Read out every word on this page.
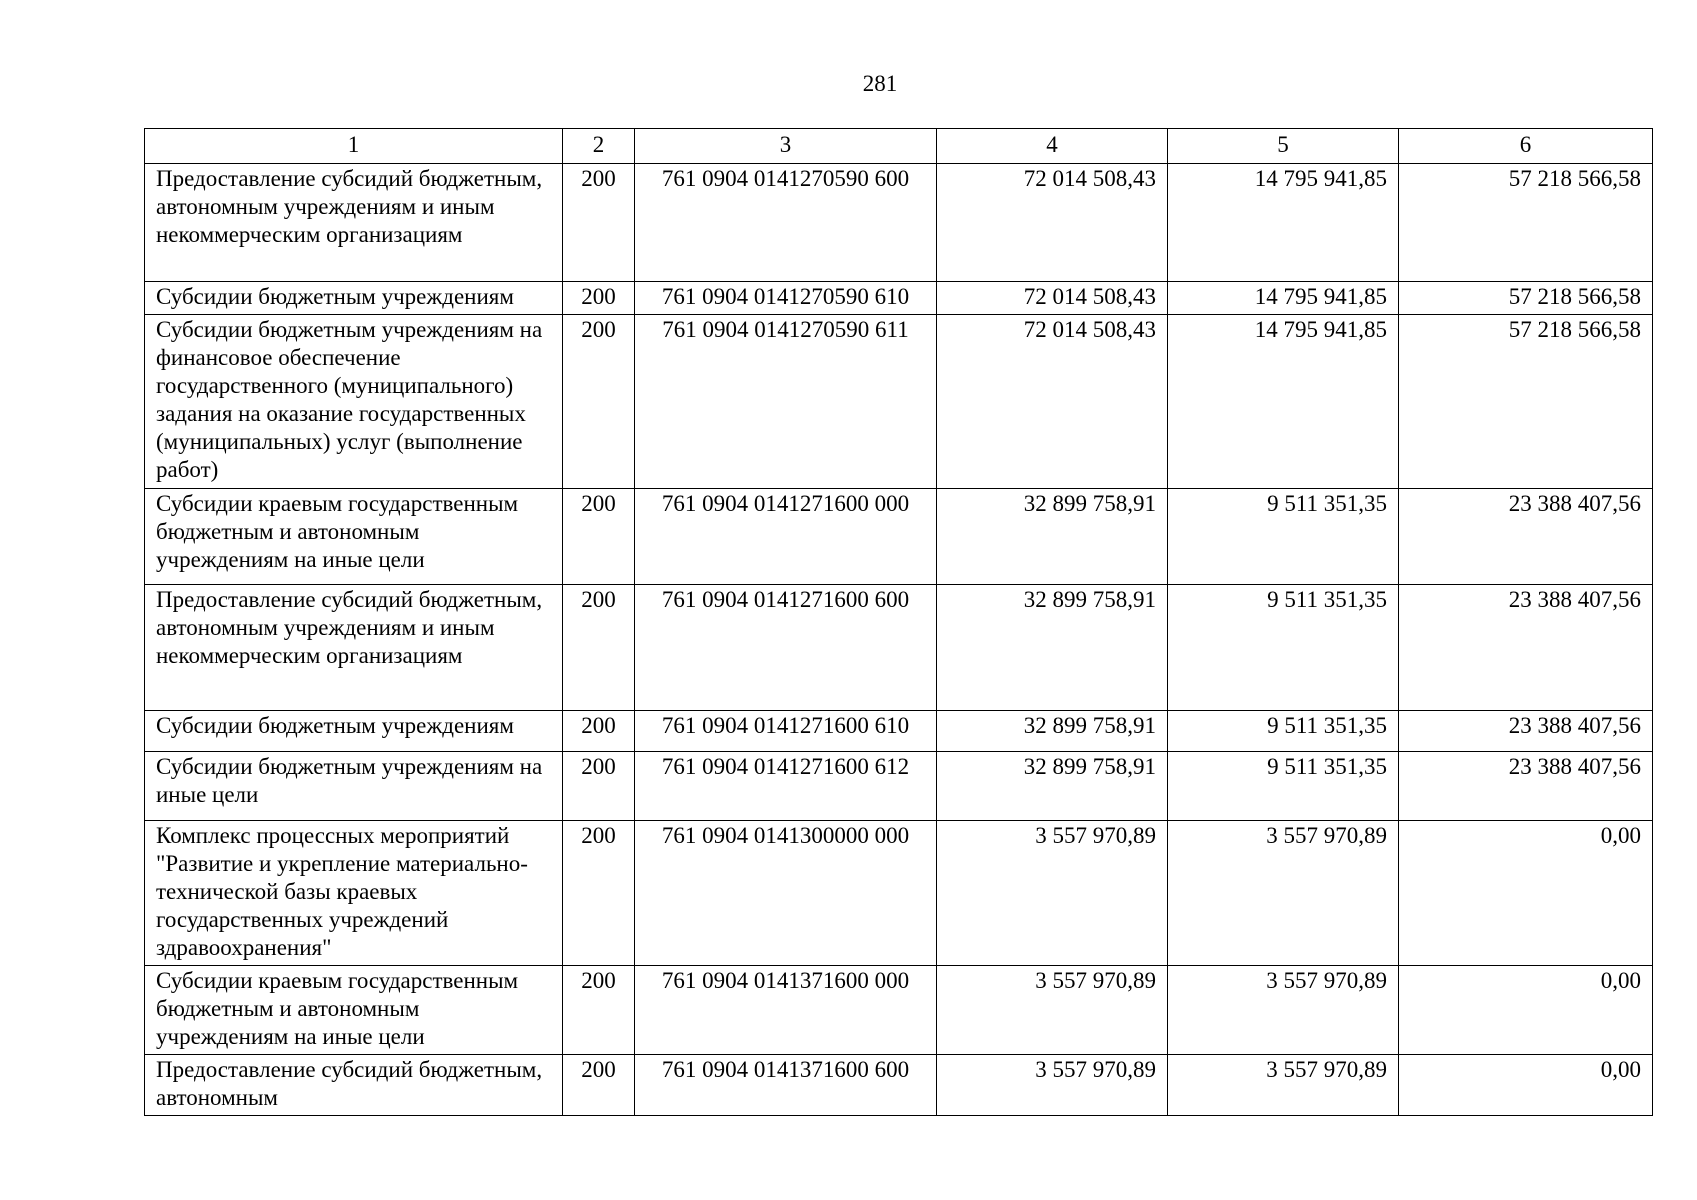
281
1	2	3	4	5	6
Предоставление субсидий бюджетным, автономным учреждениям и иным некоммерческим организациям	200	761 0904 0141270590 600	72 014 508,43	14 795 941,85	57 218 566,58
Субсидии бюджетным учреждениям	200	761 0904 0141270590 610	72 014 508,43	14 795 941,85	57 218 566,58
Субсидии бюджетным учреждениям на финансовое обеспечение государственного (муниципального) задания на оказание государственных (муниципальных) услуг (выполнение работ)	200	761 0904 0141270590 611	72 014 508,43	14 795 941,85	57 218 566,58
Субсидии краевым государственным бюджетным и автономным учреждениям на иные цели	200	761 0904 0141271600 000	32 899 758,91	9 511 351,35	23 388 407,56
Предоставление субсидий бюджетным, автономным учреждениям и иным некоммерческим организациям	200	761 0904 0141271600 600	32 899 758,91	9 511 351,35	23 388 407,56
Субсидии бюджетным учреждениям	200	761 0904 0141271600 610	32 899 758,91	9 511 351,35	23 388 407,56
Субсидии бюджетным учреждениям на иные цели	200	761 0904 0141271600 612	32 899 758,91	9 511 351,35	23 388 407,56
Комплекс процессных мероприятий "Развитие и укрепление материально-технической базы краевых государственных учреждений здравоохранения"	200	761 0904 0141300000 000	3 557 970,89	3 557 970,89	0,00
Субсидии краевым государственным бюджетным и автономным учреждениям на иные цели	200	761 0904 0141371600 000	3 557 970,89	3 557 970,89	0,00
Предоставление субсидий бюджетным, автономным	200	761 0904 0141371600 600	3 557 970,89	3 557 970,89	0,00
